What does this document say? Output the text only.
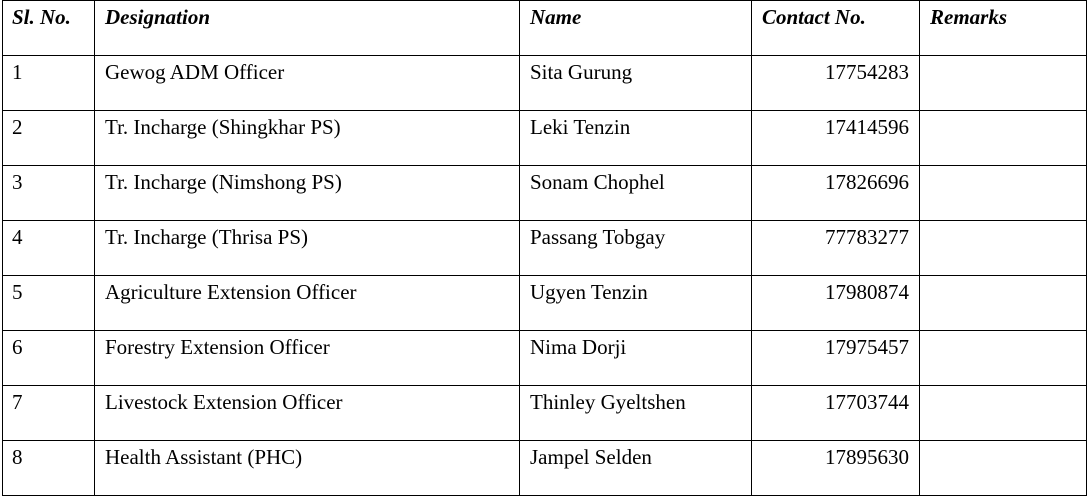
Sl. No.	Designation	Name	Contact No.	Remarks
1	Gewog ADM Officer	Sita Gurung	17754283	
2	Tr. Incharge (Shingkhar PS)	Leki Tenzin	17414596	
3	Tr. Incharge (Nimshong PS)	Sonam Chophel	17826696	
4	Tr. Incharge (Thrisa PS)	Passang Tobgay	77783277	
5	Agriculture Extension Officer	Ugyen Tenzin	17980874	
6	Forestry Extension Officer	Nima Dorji	17975457	
7	Livestock Extension Officer	Thinley Gyeltshen	17703744	
8	Health Assistant (PHC)	Jampel Selden	17895630	
